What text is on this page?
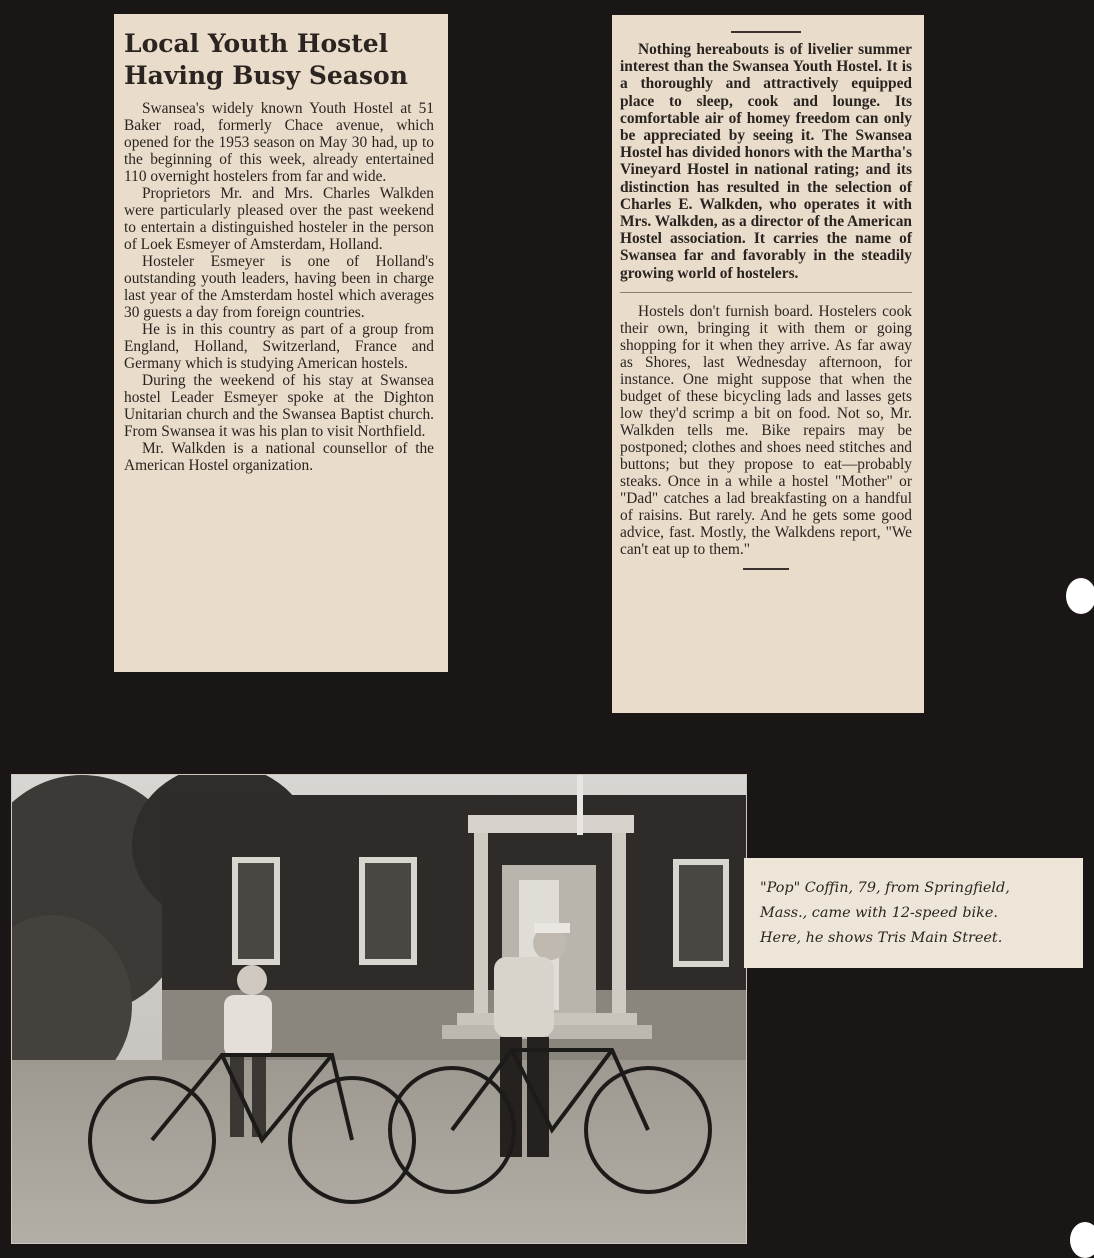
Local Youth Hostel
Having Busy Season

Swansea's widely known Youth Hostel at 51 Baker road, formerly Chace avenue, which opened for the 1953 season on May 30 had, up to the beginning of this week, already entertained 110 overnight hostelers from far and wide.

Proprietors Mr. and Mrs. Charles Walkden were particularly pleased over the past weekend to entertain a distinguished hosteler in the person of Loek Esmeyer of Amsterdam, Holland.

Hosteler Esmeyer is one of Holland's outstanding youth leaders, having been in charge last year of the Amsterdam hostel which averages 30 guests a day from foreign countries.

He is in this country as part of a group from England, Holland, Switzerland, France and Germany which is studying American hostels.

During the weekend of his stay at Swansea hostel Leader Esmeyer spoke at the Dighton Unitarian church and the Swansea Baptist church. From Swansea it was his plan to visit Northfield.

Mr. Walkden is a national counsellor of the American Hostel organization.

Nothing hereabouts is of livelier summer interest than the Swansea Youth Hostel. It is a thoroughly and attractively equipped place to sleep, cook and lounge. Its comfortable air of homey freedom can only be appreciated by seeing it. The Swansea Hostel has divided honors with the Martha's Vineyard Hostel in national rating; and its distinction has resulted in the selection of Charles E. Walkden, who operates it with Mrs. Walkden, as a director of the American Hostel association. It carries the name of Swansea far and favorably in the steadily growing world of hostelers.

Hostels don't furnish board. Hostelers cook their own, bringing it with them or going shopping for it when they arrive. As far away as Shores, last Wednesday afternoon, for instance. One might suppose that when the budget of these bicycling lads and lasses gets low they'd scrimp a bit on food. Not so, Mr. Walkden tells me. Bike repairs may be postponed; clothes and shoes need stitches and buttons; but they propose to eat—probably steaks. Once in a while a hostel "Mother" or "Dad" catches a lad breakfasting on a handful of raisins. But rarely. And he gets some good advice, fast. Mostly, the Walkdens report, "We can't eat up to them."

"Pop" Coffin, 79, from Springfield,
Mass., came with 12-speed bike.
Here, he shows Tris Main Street.
